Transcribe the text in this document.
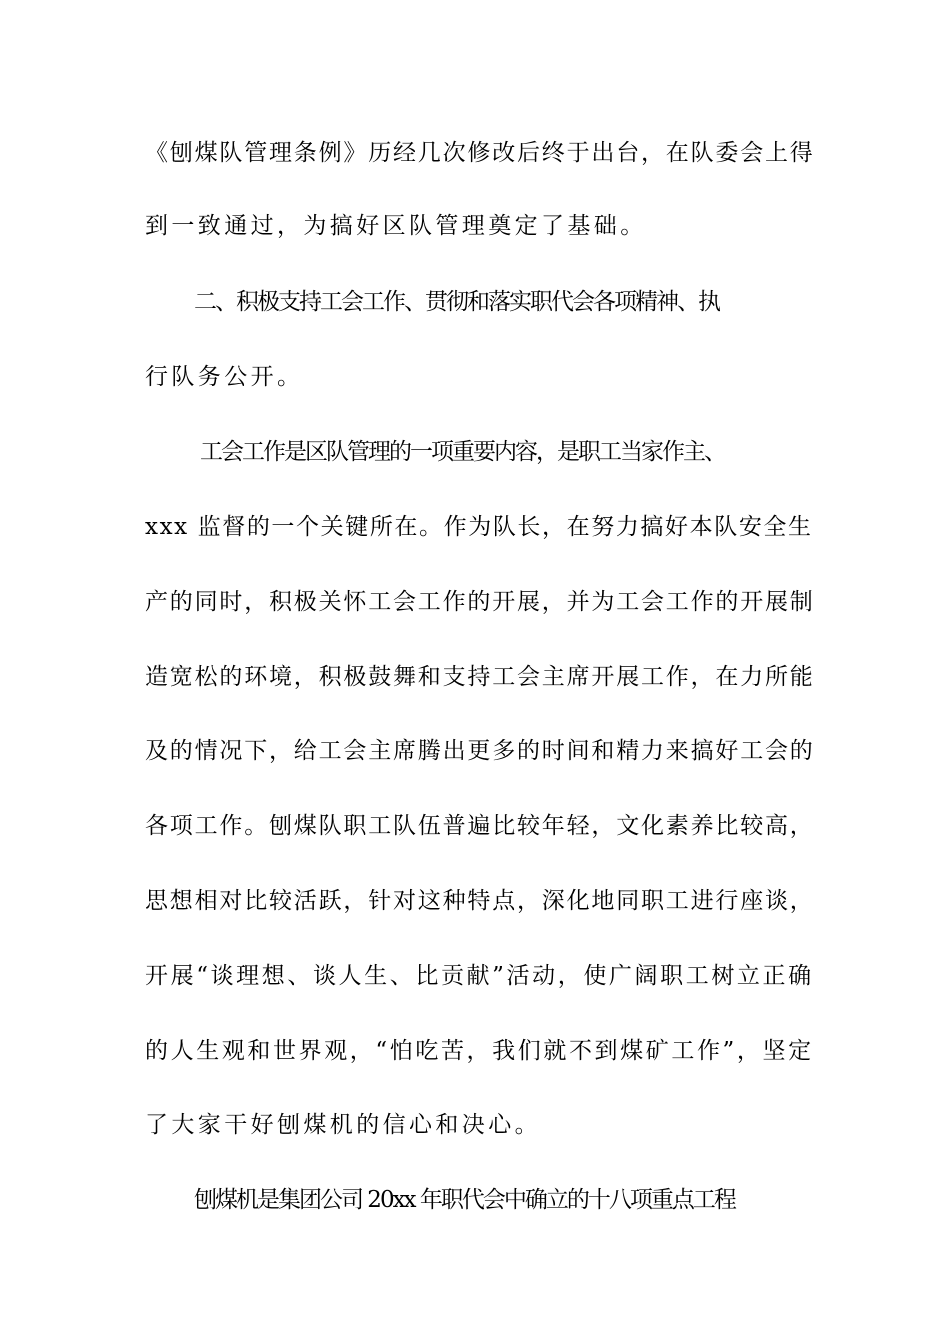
《刨煤队管理条例》历经几次修改后终于出台，在队委会上得
到一致通过，为搞好区队管理奠定了基础。
二、积极支持工会工作、贯彻和落实职代会各项精神、执
行队务公开。
工会工作是区队管理的一项重要内容，是职工当家作主、
xxx 监督的一个关键所在。作为队长，在努力搞好本队安全生
产的同时，积极关怀工会工作的开展，并为工会工作的开展制
造宽松的环境，积极鼓舞和支持工会主席开展工作，在力所能
及的情况下，给工会主席腾出更多的时间和精力来搞好工会的
各项工作。刨煤队职工队伍普遍比较年轻，文化素养比较高，
思想相对比较活跃，针对这种特点，深化地同职工进行座谈，
开展“谈理想、谈人生、比贡献”活动，使广阔职工树立正确
的人生观和世界观，“怕吃苦，我们就不到煤矿工作”，坚定
了大家干好刨煤机的信心和决心。
刨煤机是集团公司 20xx 年职代会中确立的十八项重点工程
